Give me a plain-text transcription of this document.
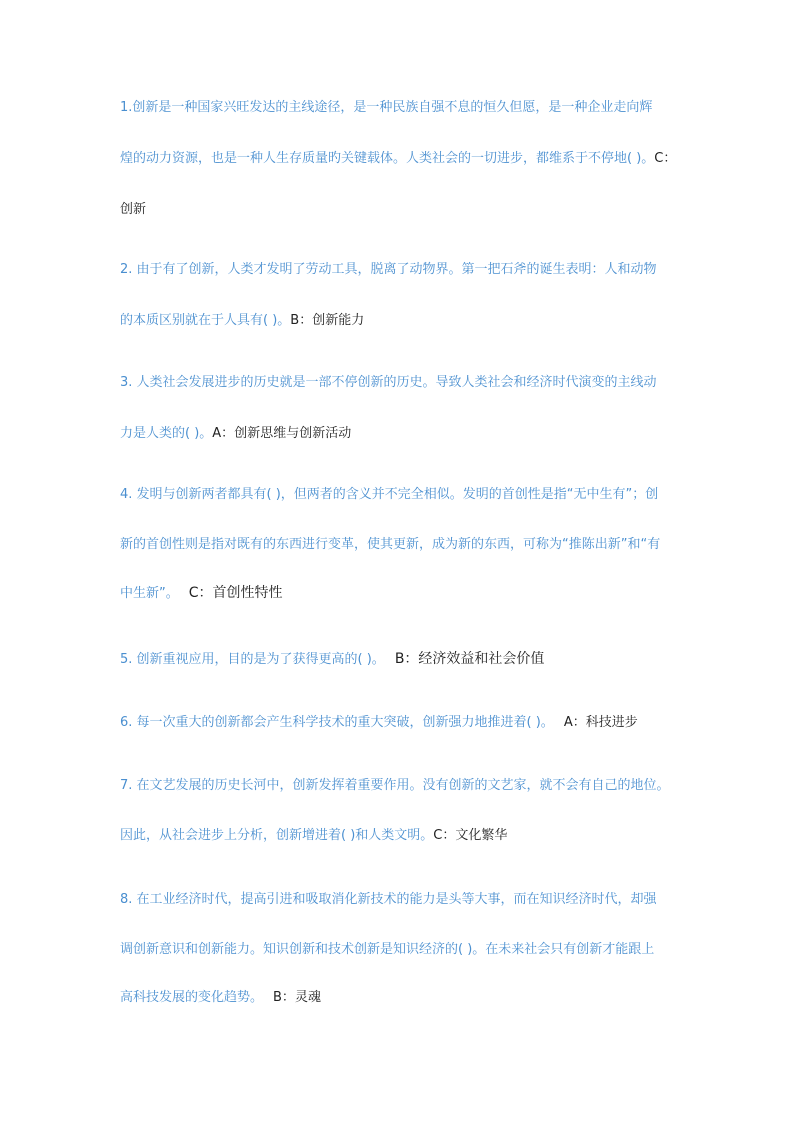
1.创新是一种国家兴旺发达的主线途径，是一种民族自强不息的恒久但愿，是一种企业走向辉
煌的动力资源，也是一种人生存质量旳关键载体。人类社会的一切进步，都维系于不停地( )。C：
创新
2. 由于有了创新，人类才发明了劳动工具，脱离了动物界。第一把石斧的诞生表明：人和动物
的本质区别就在于人具有( )。B：创新能力
3. 人类社会发展进步的历史就是一部不停创新的历史。导致人类社会和经济时代演变的主线动
力是人类的( )。A：创新思维与创新活动
4. 发明与创新两者都具有( )，但两者的含义并不完全相似。发明的首创性是指“无中生有”；创
新的首创性则是指对既有的东西进行变革，使其更新，成为新的东西，可称为“推陈出新”和“有
中生新”。 C：首创性特性
5. 创新重视应用，目的是为了获得更高的( )。 B：经济效益和社会价值
6. 每一次重大的创新都会产生科学技术的重大突破，创新强力地推进着( )。 A：科技进步
7. 在文艺发展的历史长河中，创新发挥着重要作用。没有创新的文艺家，就不会有自己的地位。
因此，从社会进步上分析，创新增进着( )和人类文明。C：文化繁华
8. 在工业经济时代，提高引进和吸取消化新技术的能力是头等大事，而在知识经济时代，却强
调创新意识和创新能力。知识创新和技术创新是知识经济的( )。在未来社会只有创新才能跟上
高科技发展的变化趋势。 B：灵魂
